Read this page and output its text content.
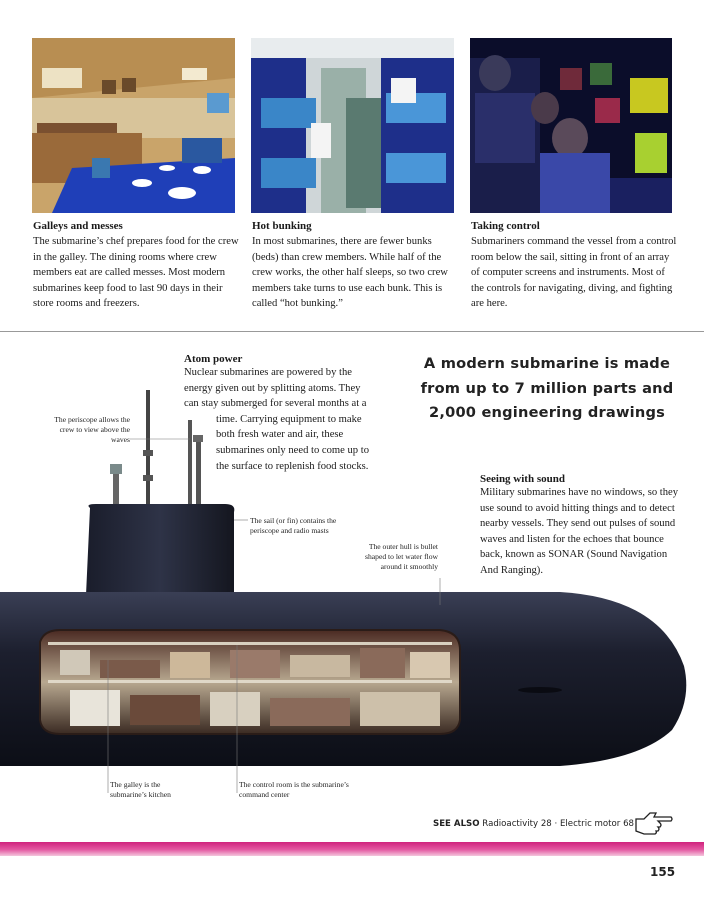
Galleys and messes

The submarine’s chef prepares food for the crew in the galley. The dining rooms where crew members eat are called messes. Most modern submarines keep food to last 90 days in their store rooms and freezers.

Hot bunking

In most submarines, there are fewer bunks (beds) than crew members. While half of the crew works, the other half sleeps, so two crew members take turns to use each bunk. This is called “hot bunking.”

Taking control

Submariners command the vessel from a control room below the sail, sitting in front of an array of computer screens and instruments. Most of the controls for navigating, diving, and fighting are here.

Atom power
Nuclear submarines are powered by the
energy given out by splitting atoms. They
can stay submerged for several months at a
time. Carrying equipment to make
both fresh water and air, these
submarines only need to come up to
the surface to replenish food stocks.
A modern submarine is made from up to 7 million parts and 2,000 engineering drawings
Seeing with sound
Military submarines have no windows, so they use sound to avoid hitting things and to detect nearby vessels. They send out pulses of sound waves and listen for the echoes that bounce back, known as SONAR (Sound Navigation And Ranging).
The periscope allows the crew to view above the waves
The sail (or fin) contains the periscope and radio masts
The outer hull is bullet shaped to let water flow around it smoothly
The galley is the submarine’s kitchen
The control room is the submarine’s command center
SEE ALSO Radioactivity 28 · Electric motor 68
155
